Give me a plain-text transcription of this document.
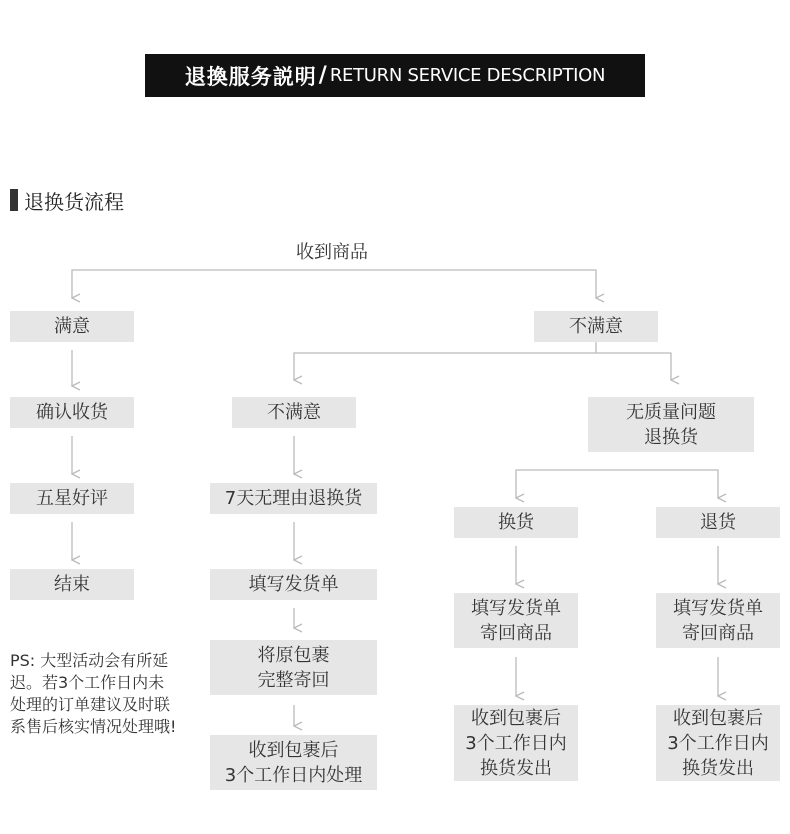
退換服务説明 / RETURN SERVICE DESCRIPTION
退换货流程
收到商品
满意
确认收货
五星好评
结束
不满意
不满意
7天无理由退换货
填写发货单
将原包裹
完整寄回
收到包裹后
3个工作日内处理
无质量问题
退换货
换货
填写发货单
寄回商品
收到包裹后
3个工作日内
换货发出
退货
填写发货单
寄回商品
收到包裹后
3个工作日内
换货发出
PS: 大型活动会有所延迟。若3个工作日内未处理的订单建议及时联系售后核实情况处理哦!
